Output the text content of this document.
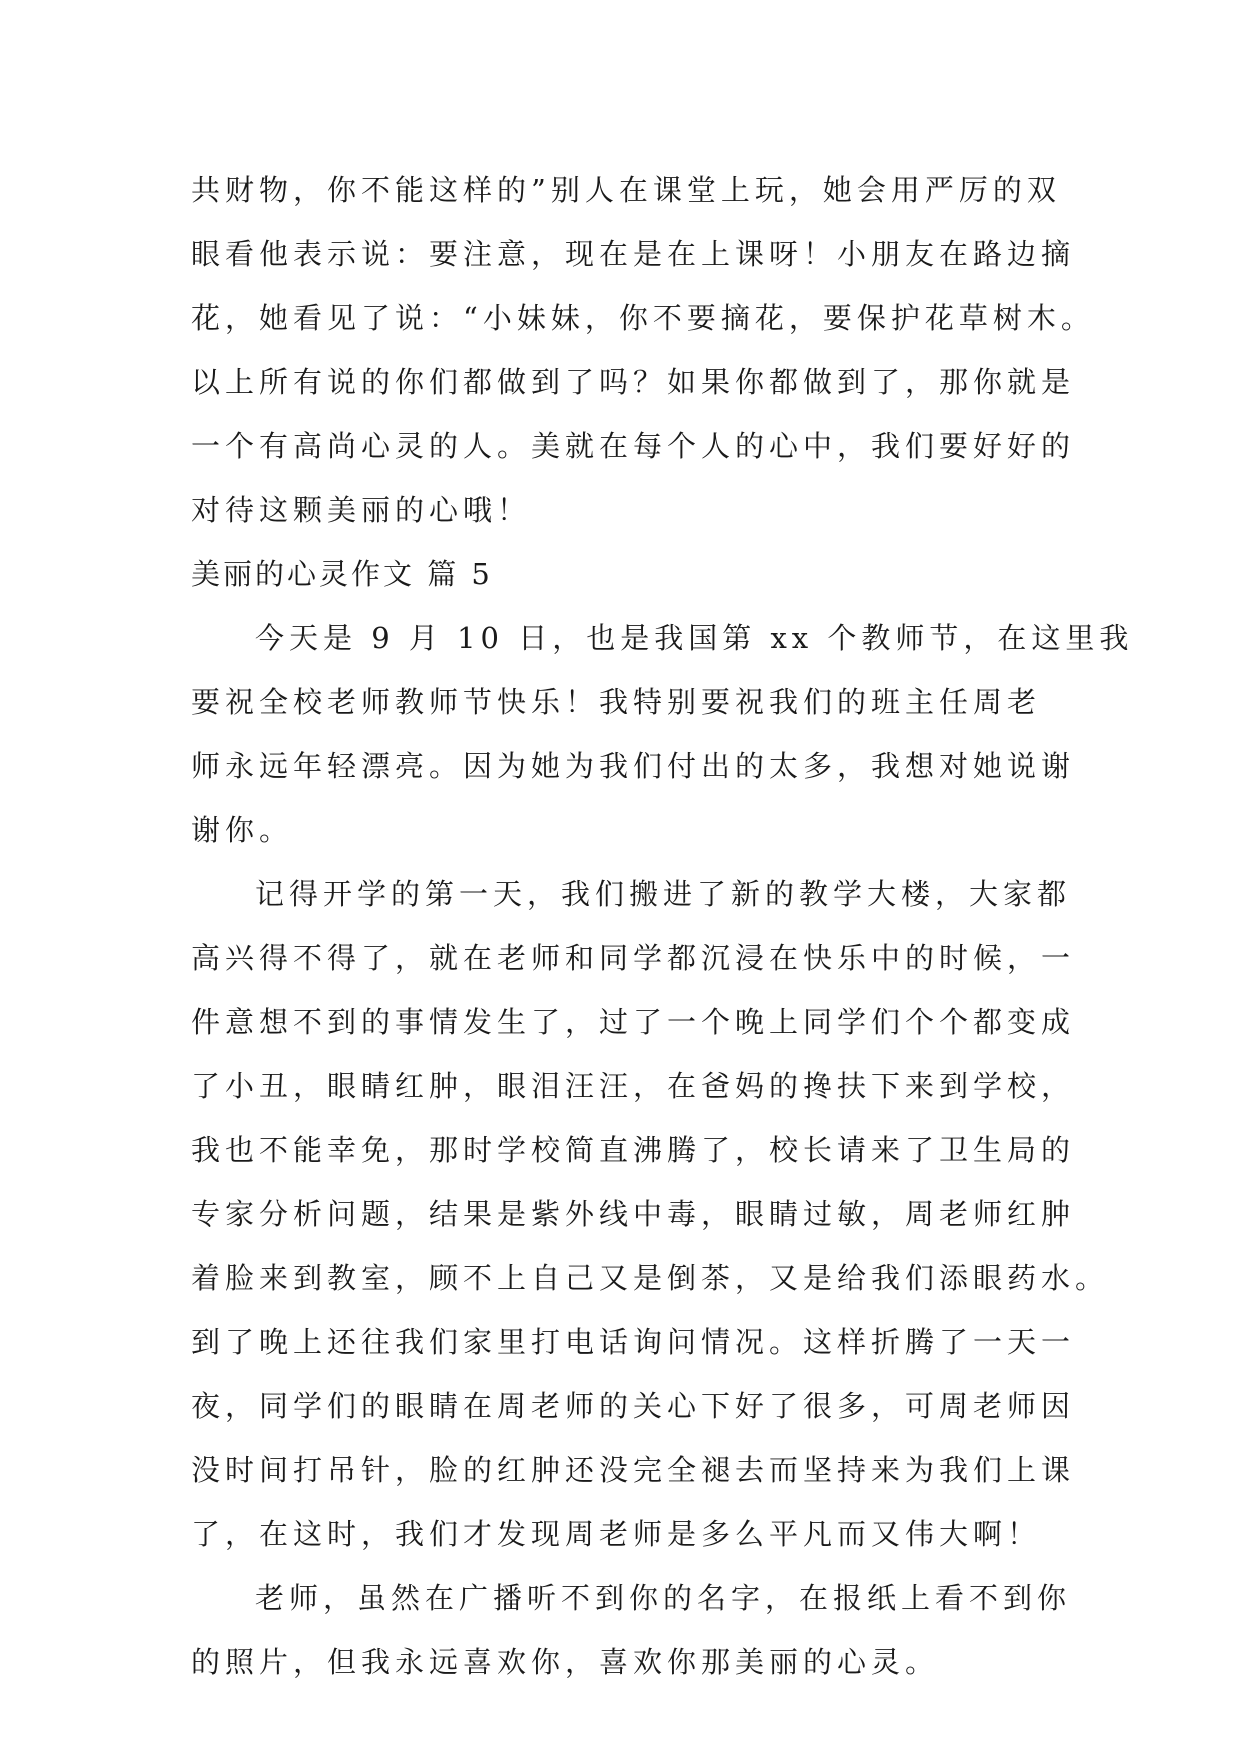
共财物，你不能这样的”别人在课堂上玩，她会用严厉的双
眼看他表示说：要注意，现在是在上课呀！小朋友在路边摘
花，她看见了说：“小妹妹，你不要摘花，要保护花草树木。
以上所有说的你们都做到了吗？如果你都做到了，那你就是
一个有高尚心灵的人。美就在每个人的心中，我们要好好的
对待这颗美丽的心哦！
美丽的心灵作文 篇 5
今天是 9 月 10 日，也是我国第 xx 个教师节，在这里我
要祝全校老师教师节快乐！我特别要祝我们的班主任周老
师永远年轻漂亮。因为她为我们付出的太多，我想对她说谢
谢你。
记得开学的第一天，我们搬进了新的教学大楼，大家都
高兴得不得了，就在老师和同学都沉浸在快乐中的时候，一
件意想不到的事情发生了，过了一个晚上同学们个个都变成
了小丑，眼睛红肿，眼泪汪汪，在爸妈的搀扶下来到学校，
我也不能幸免，那时学校简直沸腾了，校长请来了卫生局的
专家分析问题，结果是紫外线中毒，眼睛过敏，周老师红肿
着脸来到教室，顾不上自己又是倒茶，又是给我们添眼药水。
到了晚上还往我们家里打电话询问情况。这样折腾了一天一
夜，同学们的眼睛在周老师的关心下好了很多，可周老师因
没时间打吊针，脸的红肿还没完全褪去而坚持来为我们上课
了，在这时，我们才发现周老师是多么平凡而又伟大啊！
老师，虽然在广播听不到你的名字，在报纸上看不到你
的照片，但我永远喜欢你，喜欢你那美丽的心灵。
